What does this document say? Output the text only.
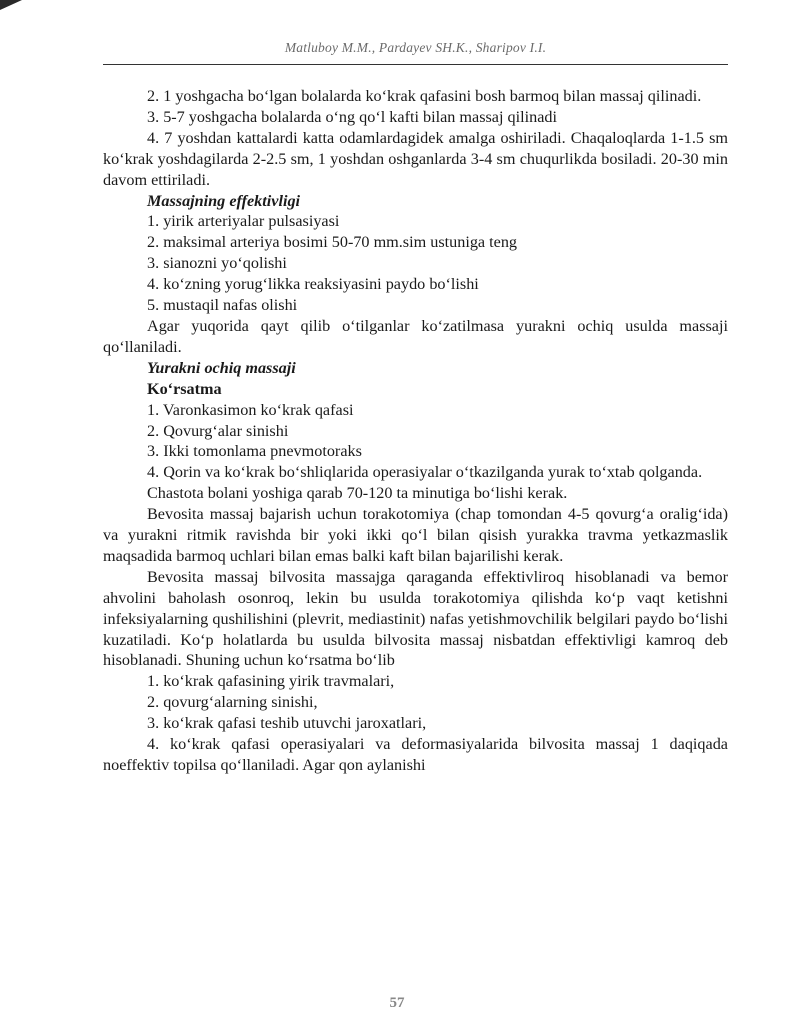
Matluboy M.M., Pardayev SH.K., Sharipov I.I.

2. 1 yoshgacha bo‘lgan bolalarda ko‘krak qafasini bosh barmoq bilan massaj qilinadi.

3. 5-7 yoshgacha bolalarda o‘ng qo‘l kafti bilan massaj qilinadi

4. 7 yoshdan kattalardi katta odamlardagidek amalga oshiriladi. Chaqaloqlarda 1-1.5 sm ko‘krak yoshdagilarda 2-2.5 sm, 1 yoshdan oshganlarda 3-4 sm chuqurlikda bosiladi. 20-30 min davom ettiriladi.

Massajning effektivligi

1. yirik arteriyalar pulsasiyasi

2. maksimal arteriya bosimi 50-70 mm.sim ustuniga teng

3. sianozni yo‘qolishi

4. ko‘zning yorug‘likka reaksiyasini paydo bo‘lishi

5. mustaqil nafas olishi

Agar yuqorida qayt qilib o‘tilganlar ko‘zatilmasa yurakni ochiq usulda massaji qo‘llaniladi.

Yurakni ochiq massaji

Ko‘rsatma

1. Varonkasimon ko‘krak qafasi

2. Qovurg‘alar sinishi

3. Ikki tomonlama pnevmotoraks

4. Qorin va ko‘krak bo‘shliqlarida operasiyalar o‘tkazilganda yurak to‘xtab qolganda.

Chastota bolani yoshiga qarab 70-120 ta minutiga bo‘lishi kerak.

Bevosita massaj bajarish uchun torakotomiya (chap tomondan 4-5 qovurg‘a oralig‘ida) va yurakni ritmik ravishda bir yoki ikki qo‘l bilan qisish yurakka travma yetkazmaslik maqsadida barmoq uchlari bilan emas balki kaft bilan bajarilishi kerak.

Bevosita massaj bilvosita massajga qaraganda effektivliroq hisoblanadi va bemor ahvolini baholash osonroq, lekin bu usulda torakotomiya qilishda ko‘p vaqt ketishni infeksiyalarning qushilishini (plevrit, mediastinit) nafas yetishmovchilik belgilari paydo bo‘lishi kuzatiladi. Ko‘p holatlarda bu usulda bilvosita massaj nisbatdan effektivligi kamroq deb hisoblanadi. Shuning uchun ko‘rsatma bo‘lib

1. ko‘krak qafasining yirik travmalari,

2. qovurg‘alarning sinishi,

3. ko‘krak qafasi teshib utuvchi jaroxatlari,

4. ko‘krak qafasi operasiyalari va deformasiyalarida bilvosita massaj 1 daqiqada noeffektiv topilsa qo‘llaniladi. Agar qon aylanishi

57
